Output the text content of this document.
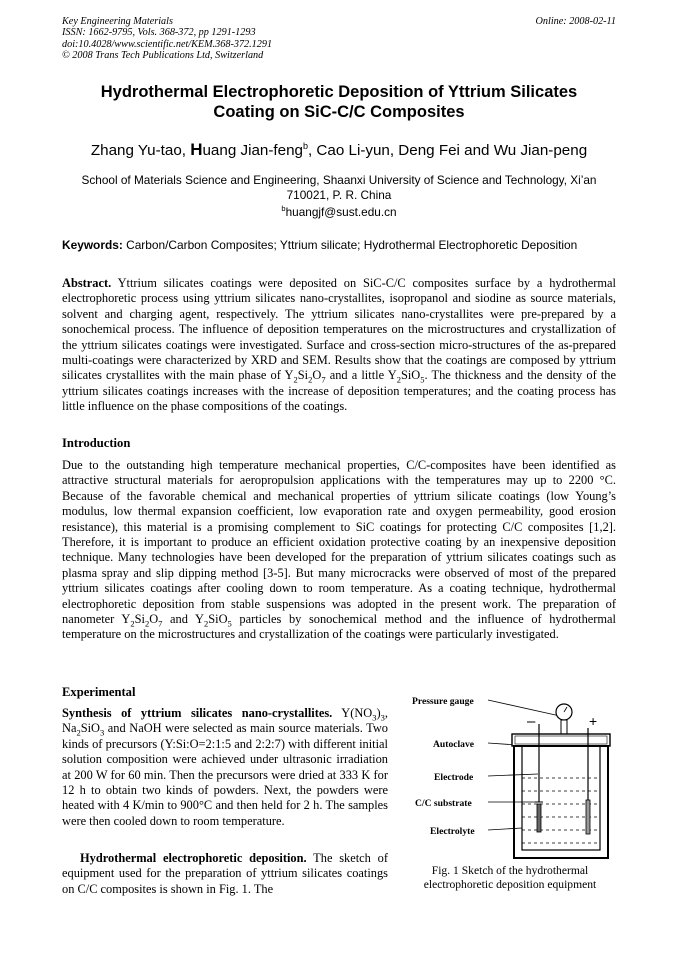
Key Engineering Materials
ISSN: 1662-9795, Vols. 368-372, pp 1291-1293
doi:10.4028/www.scientific.net/KEM.368-372.1291
© 2008 Trans Tech Publications Ltd, Switzerland
Online: 2008-02-11
Hydrothermal Electrophoretic Deposition of Yttrium Silicates
Coating on SiC-C/C Composites
Zhang Yu-tao, Huang Jian-feng$^b$, Cao Li-yun, Deng Fei and Wu Jian-peng
School of Materials Science and Engineering, Shaanxi University of Science and Technology, Xi’an
710021, P. R. China
$^b$huangjf@sust.edu.cn
Keywords: Carbon/Carbon Composites; Yttrium silicate; Hydrothermal Electrophoretic Deposition
Abstract. Yttrium silicates coatings were deposited on SiC-C/C composites surface by a hydrothermal electrophoretic process using yttrium silicates nano-crystallites, isopropanol and siodine as source materials, solvent and charging agent, respectively. The yttrium silicates nano-crystallites were pre-prepared by a sonochemical process. The influence of deposition temperatures on the microstructures and crystallization of the yttrium silicates coatings were investigated. Surface and cross-section micro-structures of the as-prepared multi-coatings were characterized by XRD and SEM. Results show that the coatings are composed by yttrium silicates crystallites with the main phase of $Y_2Si_2O_7$ and a little $Y_2SiO_5$. The thickness and the density of the yttrium silicates coatings increases with the increase of deposition temperatures; and the coating process has little influence on the phase compositions of the coatings.
Introduction
Due to the outstanding high temperature mechanical properties, C/C-composites have been identified as attractive structural materials for aeropropulsion applications with the temperatures may up to 2200 °C. Because of the favorable chemical and mechanical properties of yttrium silicate coatings (low Young’s modulus, low thermal expansion coefficient, low evaporation rate and oxygen permeability, good erosion resistance), this material is a promising complement to SiC coatings for protecting C/C composites [1,2]. Therefore, it is important to produce an efficient oxidation protective coating by an inexpensive deposition technique. Many technologies have been developed for the preparation of yttrium silicates coatings such as plasma spray and slip dipping method [3-5]. But many microcracks were observed of most of the prepared yttrium silicates coatings after cooling down to room temperature. As a coating technique, hydrothermal electrophoretic deposition from stable suspensions was adopted in the present work. The preparation of nanometer $Y_2Si_2O_7$ and $Y_2SiO_5$ particles by sonochemical method and the influence of hydrothermal temperature on the microstructures and crystallization of the coatings were particularly investigated.
Experimental
Synthesis of yttrium silicates nano-crystallites. $Y(NO_3)_3$, $Na_2SiO_3$ and NaOH were selected as main source materials. Two kinds of precursors (Y:Si:O=2:1:5 and 2:2:7) with different initial solution composition were achieved under ultrasonic irradiation at 200 W for 60 min. Then the precursors were dried at 333 K for 12 h to obtain two kinds of powders. Next, the powders were heated with 4 K/min to 900°C and then held for 2 h. The samples were then cooled down to room temperature.
Hydrothermal electrophoretic deposition. The sketch of equipment used for the preparation of yttrium silicates coatings on C/C composites is shown in Fig. 1. The
Pressure gauge
Autoclave
Electrode
C/C substrate
Electrolyte
–	+
Fig. 1 Sketch of the hydrothermal
electrophoretic deposition equipment
